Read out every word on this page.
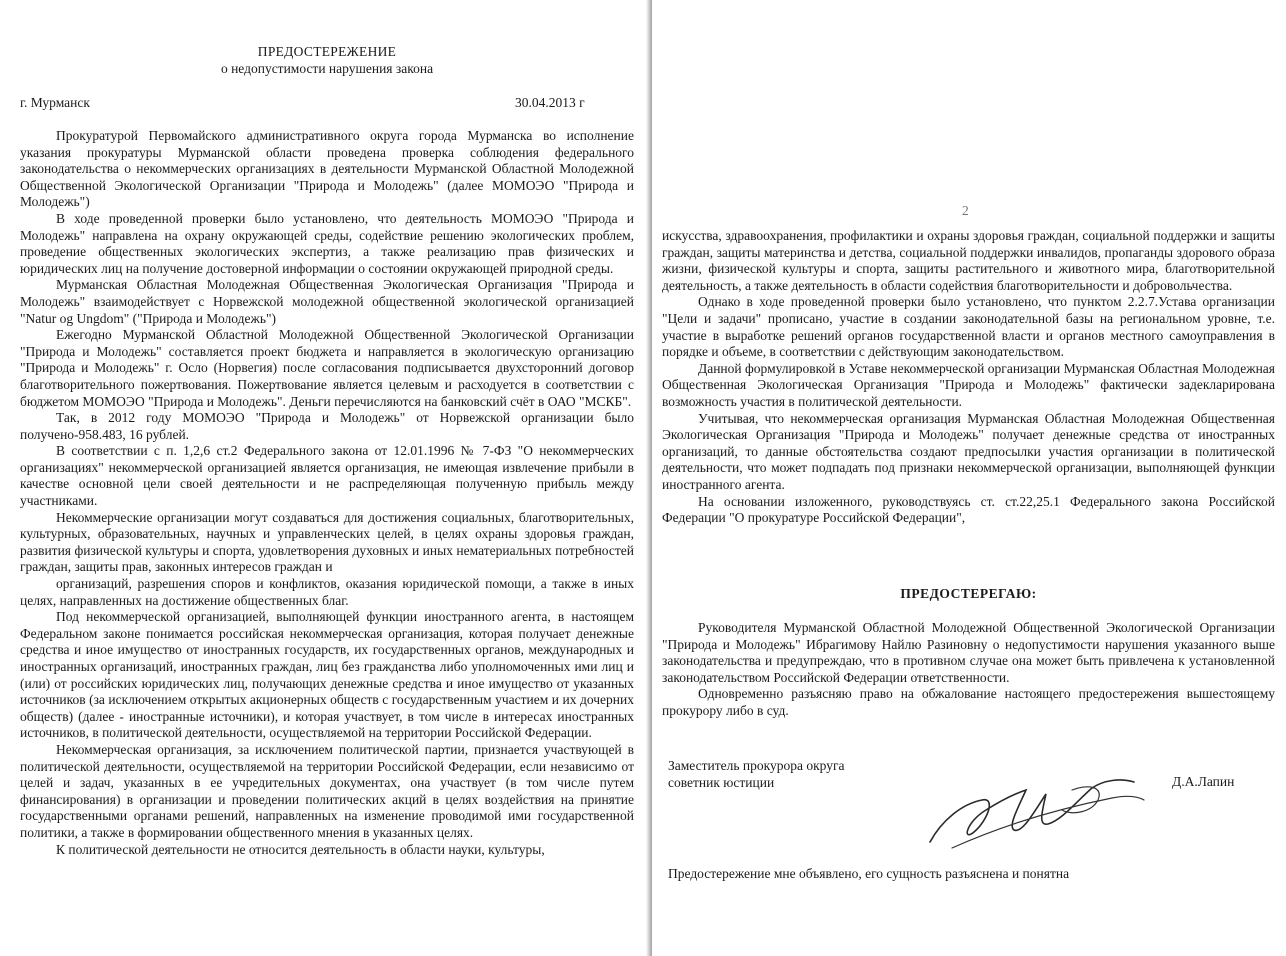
ПРЕДОСТЕРЕЖЕНИЕ
о недопустимости нарушения закона
г. Мурманск	30.04.2013 г

Прокуратурой Первомайского административного округа города Мурманска во исполнение указания прокуратуры Мурманской области проведена проверка соблюдения федерального законодательства о некоммерческих организациях в деятельности Мурманской Областной Молодежной Общественной Экологической Организации "Природа и Молодежь" (далее МОМОЭО "Природа и Молодежь")

В ходе проведенной проверки было установлено, что деятельность МОМОЭО "Природа и Молодежь" направлена на охрану окружающей среды, содействие решению экологических проблем, проведение общественных экологических экспертиз, а также реализацию прав физических и юридических лиц на получение достоверной информации о состоянии окружающей природной среды.

Мурманская Областная Молодежная Общественная Экологическая Организация "Природа и Молодежь" взаимодействует с Норвежской молодежной общественной экологической организацией "Natur og Ungdom" ("Природа и Молодежь")

Ежегодно Мурманской Областной Молодежной Общественной Экологической Организации "Природа и Молодежь" составляется проект бюджета и направляется в экологическую организацию "Природа и Молодежь" г. Осло (Норвегия) после согласования подписывается двухсторонний договор благотворительного пожертвования. Пожертвование является целевым и расходуется в соответствии с бюджетом МОМОЭО "Природа и Молодежь". Деньги перечисляются на банковский счёт в ОАО "МСКБ".

Так, в 2012 году МОМОЭО "Природа и Молодежь" от Норвежской организации было получено-958.483, 16 рублей.

В соответствии с п. 1,2,6 ст.2 Федерального закона от 12.01.1996 № 7-ФЗ "О некоммерческих организациях" некоммерческой организацией является организация, не имеющая извлечение прибыли в качестве основной цели своей деятельности и не распределяющая полученную прибыль между участниками.

Некоммерческие организации могут создаваться для достижения социальных, благотворительных, культурных, образовательных, научных и управленческих целей, в целях охраны здоровья граждан, развития физической культуры и спорта, удовлетворения духовных и иных нематериальных потребностей граждан, защиты прав, законных интересов граждан и

организаций, разрешения споров и конфликтов, оказания юридической помощи, а также в иных целях, направленных на достижение общественных благ.

Под некоммерческой организацией, выполняющей функции иностранного агента, в настоящем Федеральном законе понимается российская некоммерческая организация, которая получает денежные средства и иное имущество от иностранных государств, их государственных органов, международных и иностранных организаций, иностранных граждан, лиц без гражданства либо уполномоченных ими лиц и (или) от российских юридических лиц, получающих денежные средства и иное имущество от указанных источников (за исключением открытых акционерных обществ с государственным участием и их дочерних обществ) (далее - иностранные источники), и которая участвует, в том числе в интересах иностранных источников, в политической деятельности, осуществляемой на территории Российской Федерации.

Некоммерческая организация, за исключением политической партии, признается участвующей в политической деятельности, осуществляемой на территории Российской Федерации, если независимо от целей и задач, указанных в ее учредительных документах, она участвует (в том числе путем финансирования) в организации и проведении политических акций в целях воздействия на принятие государственными органами решений, направленных на изменение проводимой ими государственной политики, а также в формировании общественного мнения в указанных целях.

К политической деятельности не относится деятельность в области науки, культуры,

2

искусства, здравоохранения, профилактики и охраны здоровья граждан, социальной поддержки и защиты граждан, защиты материнства и детства, социальной поддержки инвалидов, пропаганды здорового образа жизни, физической культуры и спорта, защиты растительного и животного мира, благотворительной деятельность, а также деятельность в области содействия благотворительности и добровольчества.

Однако в ходе проведенной проверки было установлено, что пунктом 2.2.7.Устава организации "Цели и задачи" прописано, участие в создании законодательной базы на региональном уровне, т.е. участие в выработке решений органов государственной власти и органов местного самоуправления в порядке и объеме, в соответствии с действующим законодательством.

Данной формулировкой в Уставе некоммерческой организации Мурманская Областная Молодежная Общественная Экологическая Организация "Природа и Молодежь" фактически задекларирована возможность участия в политической деятельности.

Учитывая, что некоммерческая организация Мурманская Областная Молодежная Общественная Экологическая Организация "Природа и Молодежь" получает денежные средства от иностранных организаций, то данные обстоятельства создают предпосылки участия организации в политической деятельности, что может подпадать под признаки некоммерческой организации, выполняющей функции иностранного агента.

На основании изложенного, руководствуясь ст. ст.22,25.1 Федерального закона Российской Федерации "О прокуратуре Российской Федерации",

ПРЕДОСТЕРЕГАЮ:

Руководителя Мурманской Областной Молодежной Общественной Экологической Организации "Природа и Молодежь" Ибрагимову Найлю Разиновну о недопустимости нарушения указанного выше законодательства и предупреждаю, что в противном случае она может быть привлечена к установленной законодательством Российской Федерации ответственности.

Одновременно разъясняю право на обжалование настоящего предостережения вышестоящему прокурору либо в суд.

Заместитель прокурора округа
советник юстиции	Д.А.Лапин
Предостережение мне объявлено, его сущность разъяснена и понятна
